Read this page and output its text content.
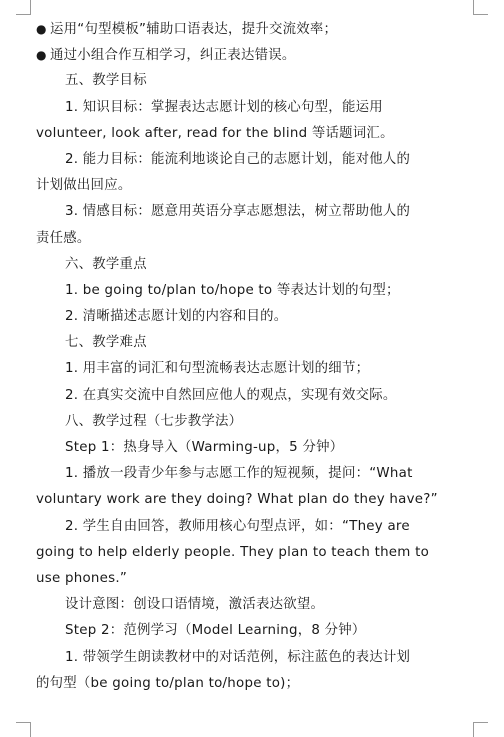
● 运用“句型模板”辅助口语表达，提升交流效率；
● 通过小组合作互相学习，纠正表达错误。
五、教学目标
1. 知识目标：掌握表达志愿计划的核心句型，能运用
volunteer, look after, read for the blind 等话题词汇。
2. 能力目标：能流利地谈论自己的志愿计划，能对他人的
计划做出回应。
3. 情感目标：愿意用英语分享志愿想法，树立帮助他人的
责任感。
六、教学重点
1. be going to/plan to/hope to 等表达计划的句型；
2. 清晰描述志愿计划的内容和目的。
七、教学难点
1. 用丰富的词汇和句型流畅表达志愿计划的细节；
2. 在真实交流中自然回应他人的观点，实现有效交际。
八、教学过程（七步教学法）
Step 1：热身导入（Warming-up，5 分钟）
1. 播放一段青少年参与志愿工作的短视频，提问：“What
voluntary work are they doing? What plan do they have?”
2. 学生自由回答，教师用核心句型点评，如：“They are
going to help elderly people. They plan to teach them to
use phones.”
设计意图：创设口语情境，激活表达欲望。
Step 2：范例学习（Model Learning，8 分钟）
1. 带领学生朗读教材中的对话范例，标注蓝色的表达计划
的句型（be going to/plan to/hope to)；
